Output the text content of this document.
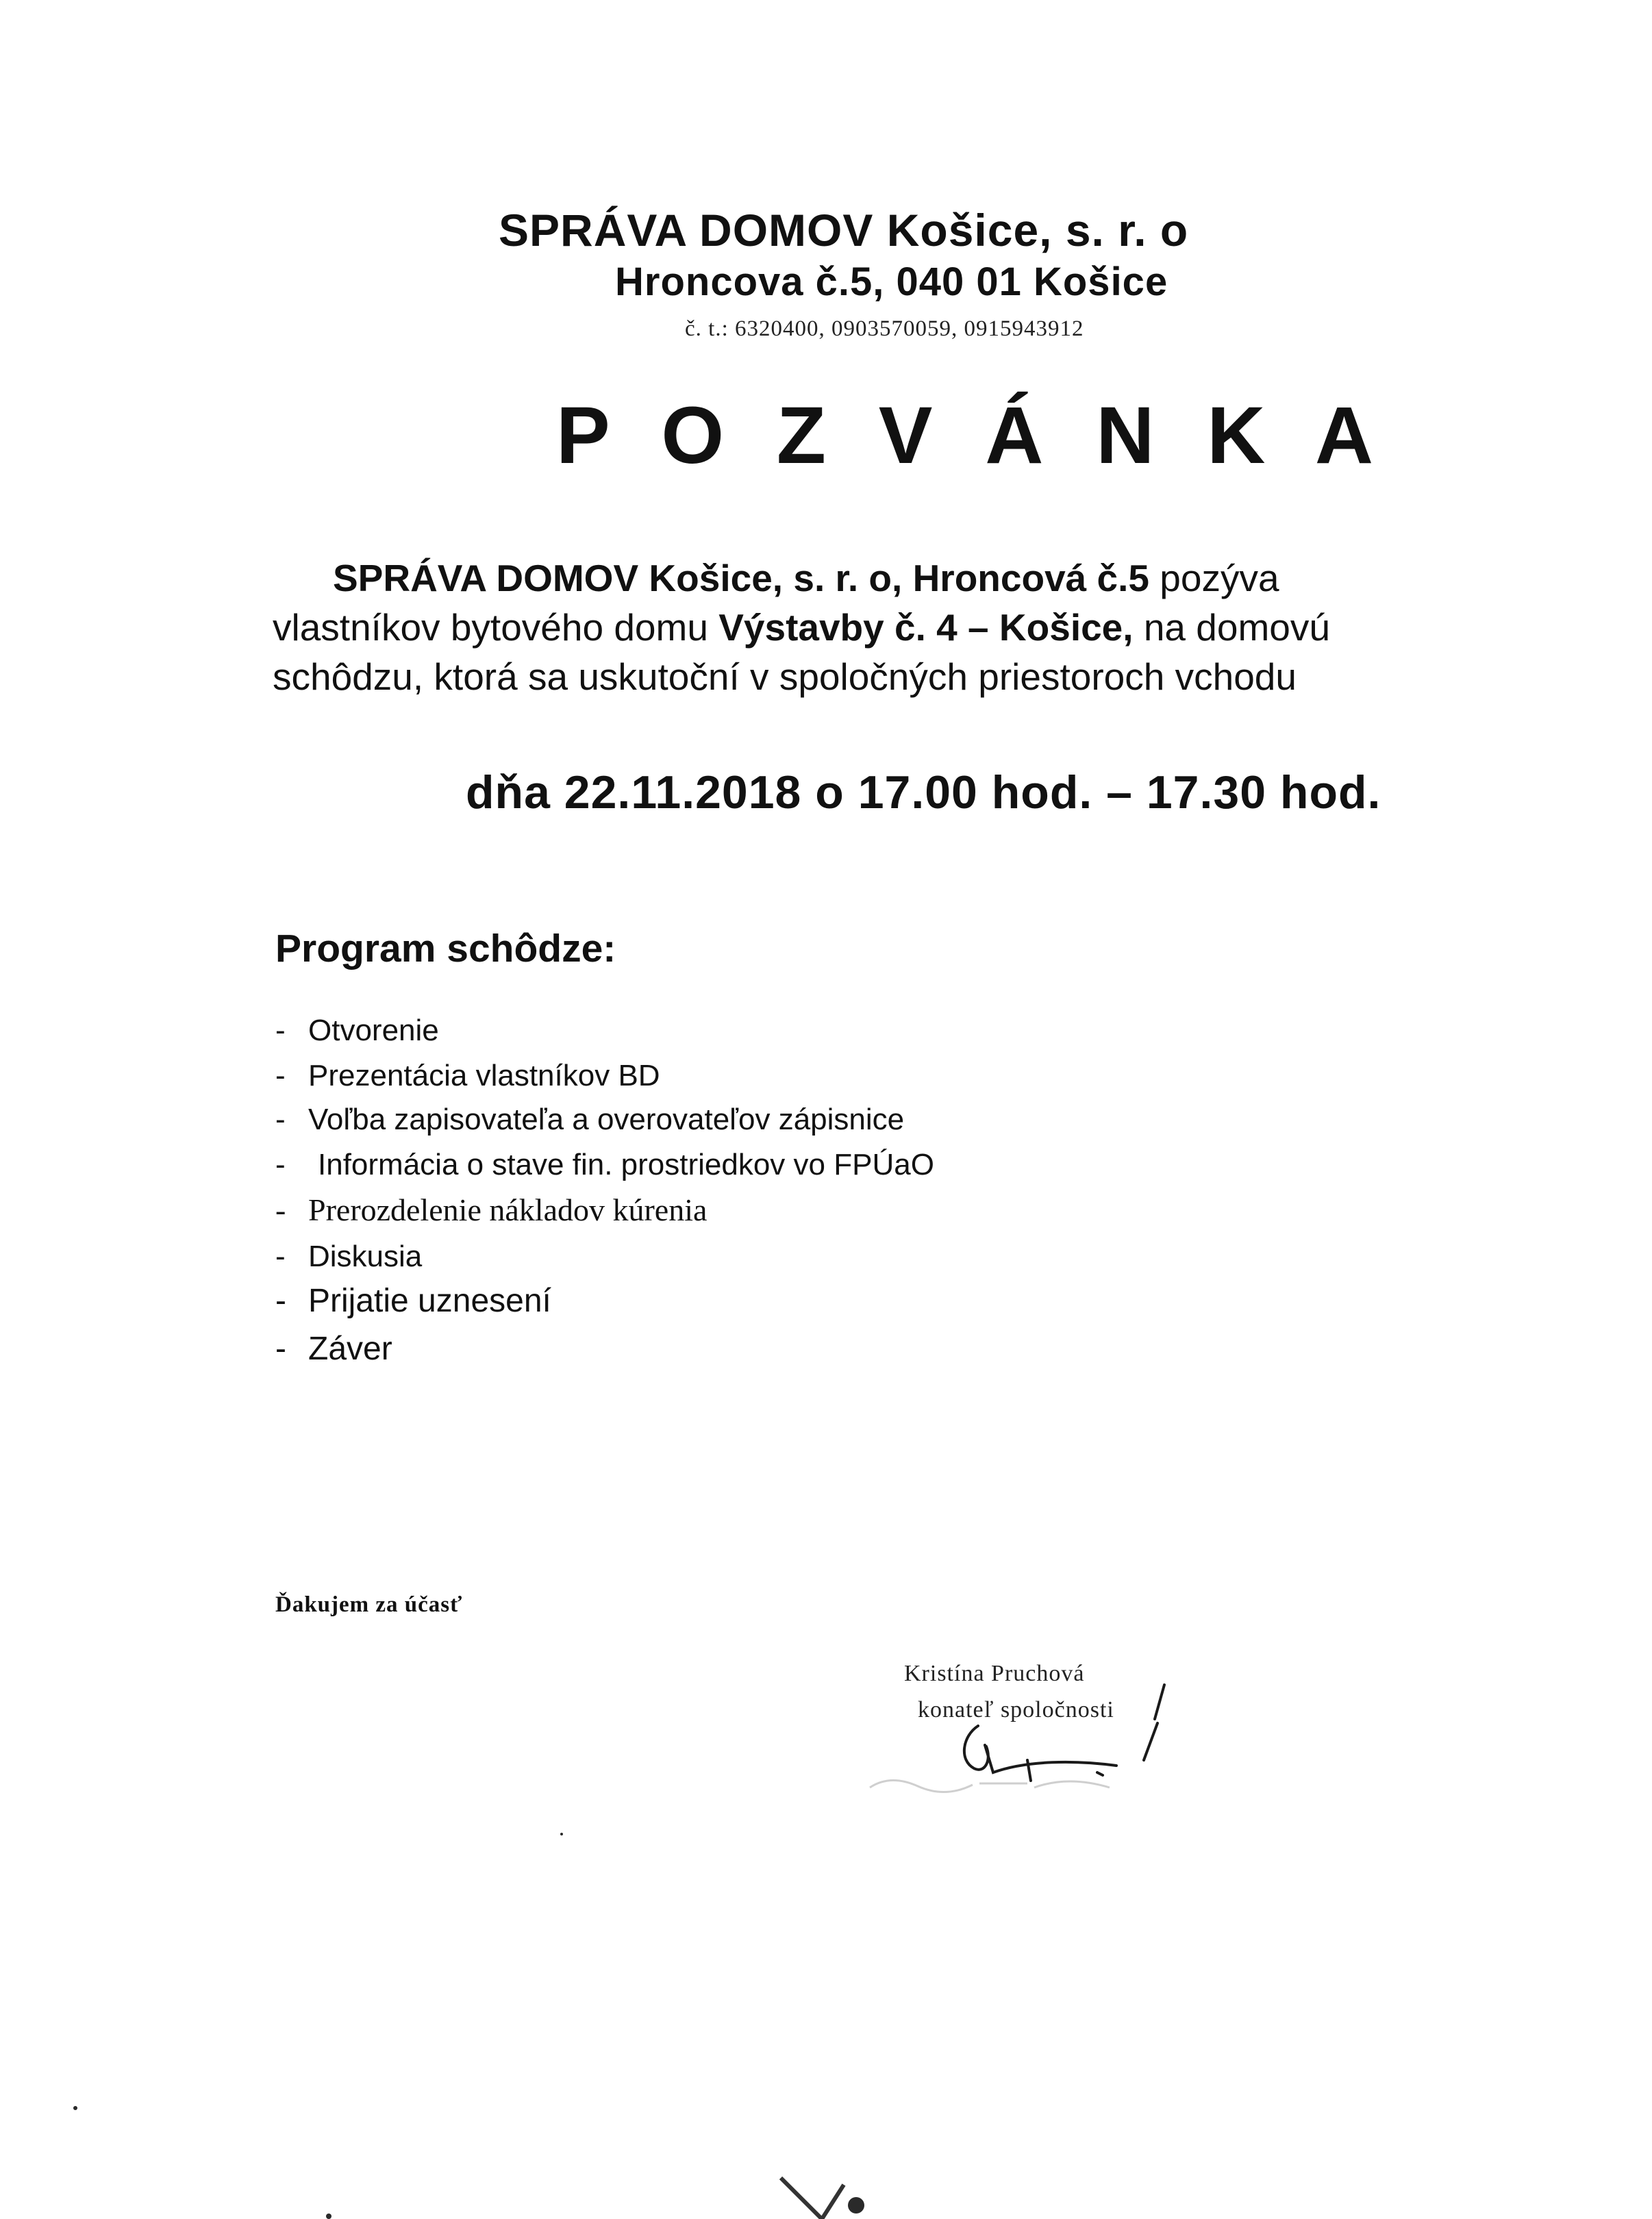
SPRÁVA DOMOV Košice, s. r. o
Hroncova č.5, 040 01 Košice
č. t.: 6320400, 0903570059, 0915943912
P O Z V Á N K A
SPRÁVA DOMOV Košice, s. r. o, Hroncová č.5 pozýva
vlastníkov bytového domu Výstavby č. 4 – Košice, na domovú
schôdzu, ktorá sa uskutoční v spoločných priestoroch vchodu
dňa 22.11.2018 o 17.00 hod. – 17.30 hod.
Program schôdze:
- Otvorenie
- Prezentácia vlastníkov BD
- Voľba zapisovateľa a overovateľov zápisnice
- Informácia o stave fin. prostriedkov vo FPÚaO
- Prerozdelenie nákladov kúrenia
- Diskusia
- Prijatie uznesení
- Záver
Ďakujem za účasť
Kristína Pruchová
konateľ spoločnosti
